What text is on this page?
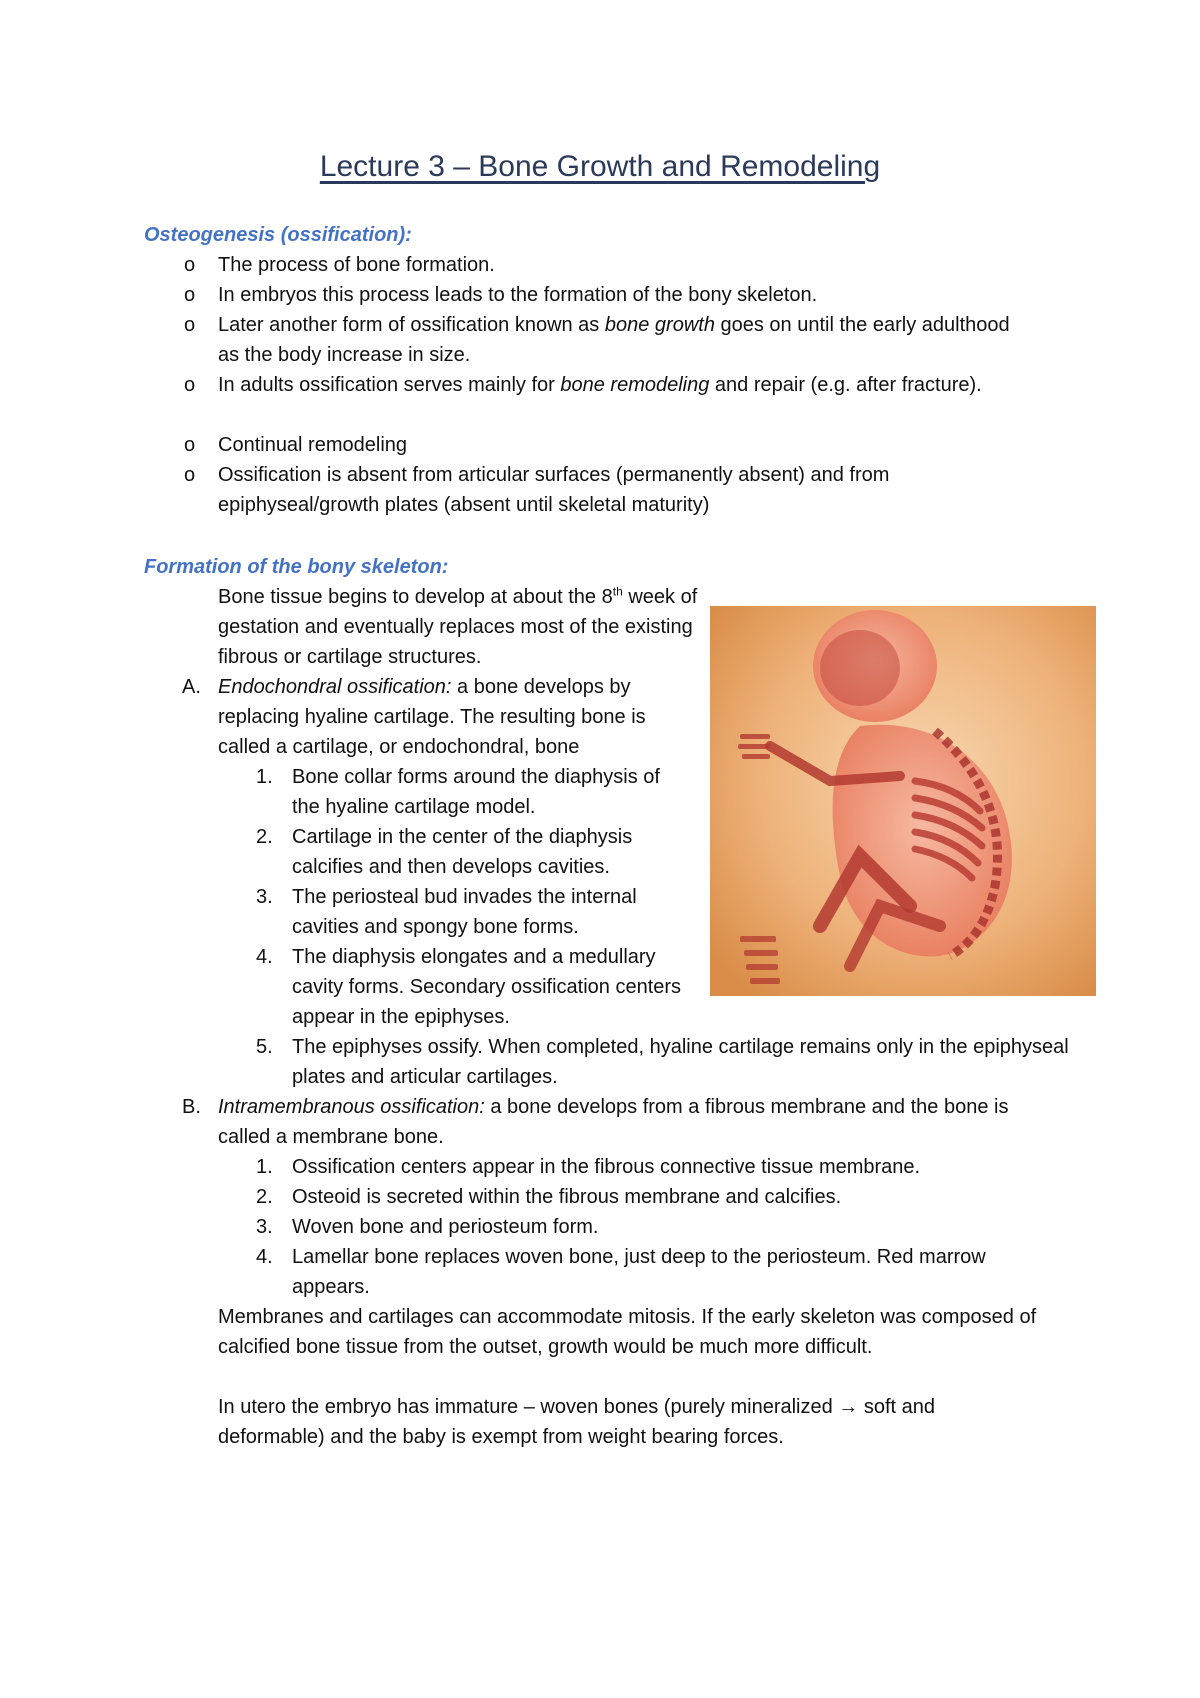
Lecture 3 – Bone Growth and Remodeling
Osteogenesis (ossification):
o The process of bone formation.
o In embryos this process leads to the formation of the bony skeleton.
o Later another form of ossification known as bone growth goes on until the early adulthood as the body increase in size.
o In adults ossification serves mainly for bone remodeling and repair (e.g. after fracture).
o Continual remodeling
o Ossification is absent from articular surfaces (permanently absent) and from epiphyseal/growth plates (absent until skeletal maturity)
Formation of the bony skeleton:
Bone tissue begins to develop at about the 8th week of gestation and eventually replaces most of the existing fibrous or cartilage structures.
A. Endochondral ossification: a bone develops by replacing hyaline cartilage. The resulting bone is called a cartilage, or endochondral, bone
1. Bone collar forms around the diaphysis of the hyaline cartilage model.
2. Cartilage in the center of the diaphysis calcifies and then develops cavities.
3. The periosteal bud invades the internal cavities and spongy bone forms.
4. The diaphysis elongates and a medullary cavity forms. Secondary ossification centers appear in the epiphyses.
5. The epiphyses ossify. When completed, hyaline cartilage remains only in the epiphyseal plates and articular cartilages.
B. Intramembranous ossification: a bone develops from a fibrous membrane and the bone is called a membrane bone.
1. Ossification centers appear in the fibrous connective tissue membrane.
2. Osteoid is secreted within the fibrous membrane and calcifies.
3. Woven bone and periosteum form.
4. Lamellar bone replaces woven bone, just deep to the periosteum. Red marrow appears.
Membranes and cartilages can accommodate mitosis. If the early skeleton was composed of calcified bone tissue from the outset, growth would be much more difficult.
In utero the embryo has immature – woven bones (purely mineralized → soft and deformable) and the baby is exempt from weight bearing forces.
